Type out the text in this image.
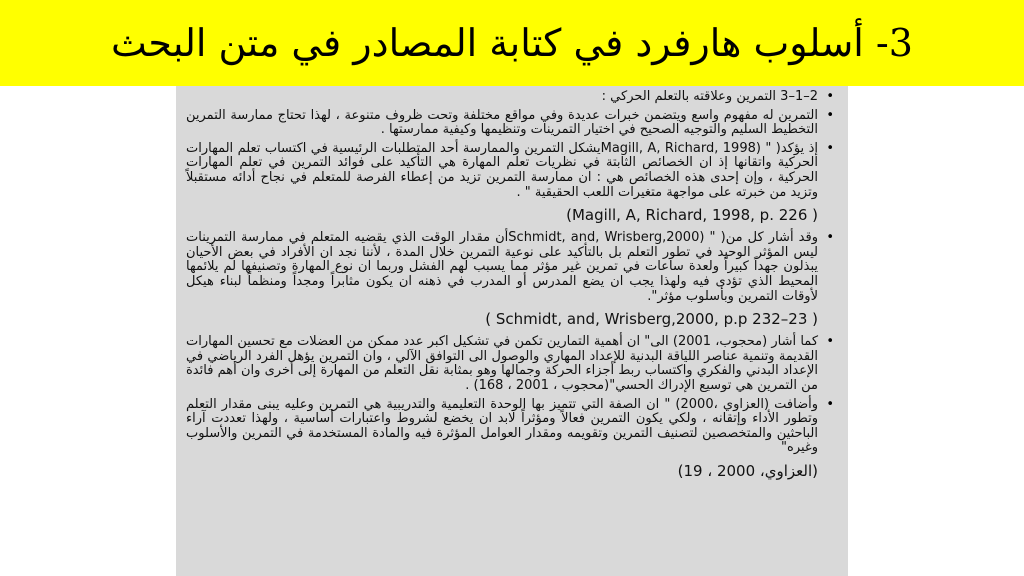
3- أسلوب هارفرد في كتابة المصادر في متن البحث
• 2–1–3 التمرين وعلاقته بالتعلم الحركي :
• التمرين له مفهوم واسع ويتضمن خبرات عديدة وفي مواقع مختلفة وتحت ظروف متنوعة ، لهذا تحتاج ممارسة التمرين التخطيط السليم والتوجيه الصحيح في اختيار التمرينات وتنظيمها وكيفية ممارستها .
• إذ يؤكد( " (Magill, A, Richard, 1998يشكل التمرين والممارسة أحد المتطلبات الرئيسية في اكتساب تعلم المهارات الحركية واتقانها إذ ان الخصائص الثابتة في نظريات تعلم المهارة هي التأكيد على فوائد التمرين في تعلم المهارات الحركية ، وإن إحدى هذه الخصائص هي : ان ممارسة التمرين تزيد من إعطاء الفرصة للمتعلم في نجاح أدائه مستقبلاً وتزيد من خبرته على مواجهة متغيرات اللعب الحقيقية " .
( Magill, A, Richard, 1998, p. 226)
• وقد أشار كل من( " (Schmidt, and, Wrisberg,2000أن مقدار الوقت الذي يقضيه المتعلم في ممارسة التمرينات ليس المؤثر الوحيد في تطور التعلم بل بالتأكيد على نوعية التمرين خلال المدة ، لأننا نجد ان الأفراد في بعض الأحيان يبذلون جهداً كبيراً ولعدة ساعات في تمرين غير مؤثر مما يسبب لهم الفشل وربما ان نوع المهارة وتصنيفها لم يلائمها المحيط الذي تؤدى فيه ولهذا يجب ان يضع المدرس أو المدرب في ذهنه ان يكون مثابراً ومجداً ومنظماً لبناء هيكل لأوقات التمرين وبأسلوب مؤثر".
( Schmidt, and, Wrisberg,2000, p.p 232–23 )
• كما أشار (محجوب، 2001) الى" ان أهمية التمارين تكمن في تشكيل اكبر عدد ممكن من العضلات مع تحسين المهارات القديمة وتنمية عناصر اللياقة البدنية للإعداد المهاري والوصول الى التوافق الآلي ، وان التمرين يؤهل الفرد الرياضي في الإعداد البدني والفكري واكتساب ربط أجزاء الحركة وجمالها وهو بمثابة نقل التعلم من المهارة إلى أخرى وان أهم فائدة من التمرين هي توسيع الإدراك الحسي"(محجوب ، 2001 ، 168) .
• وأضافت (العزاوي ،2000) " ان الصفة التي تتميز بها الوحدة التعليمية والتدريبية هي التمرين وعليه يبنى مقدار التعلم وتطور الأداء وإتقانه ، ولكي يكون التمرين فعالاً ومؤثراً لابد ان يخضع لشروط واعتبارات أساسية ، ولهذا تعددت آراء الباحثين والمتخصصين لتصنيف التمرين وتقويمه ومقدار العوامل المؤثرة فيه والمادة المستخدمة في التمرين والأسلوب وغيره"
(العزاوي، 2000 ، 19)
